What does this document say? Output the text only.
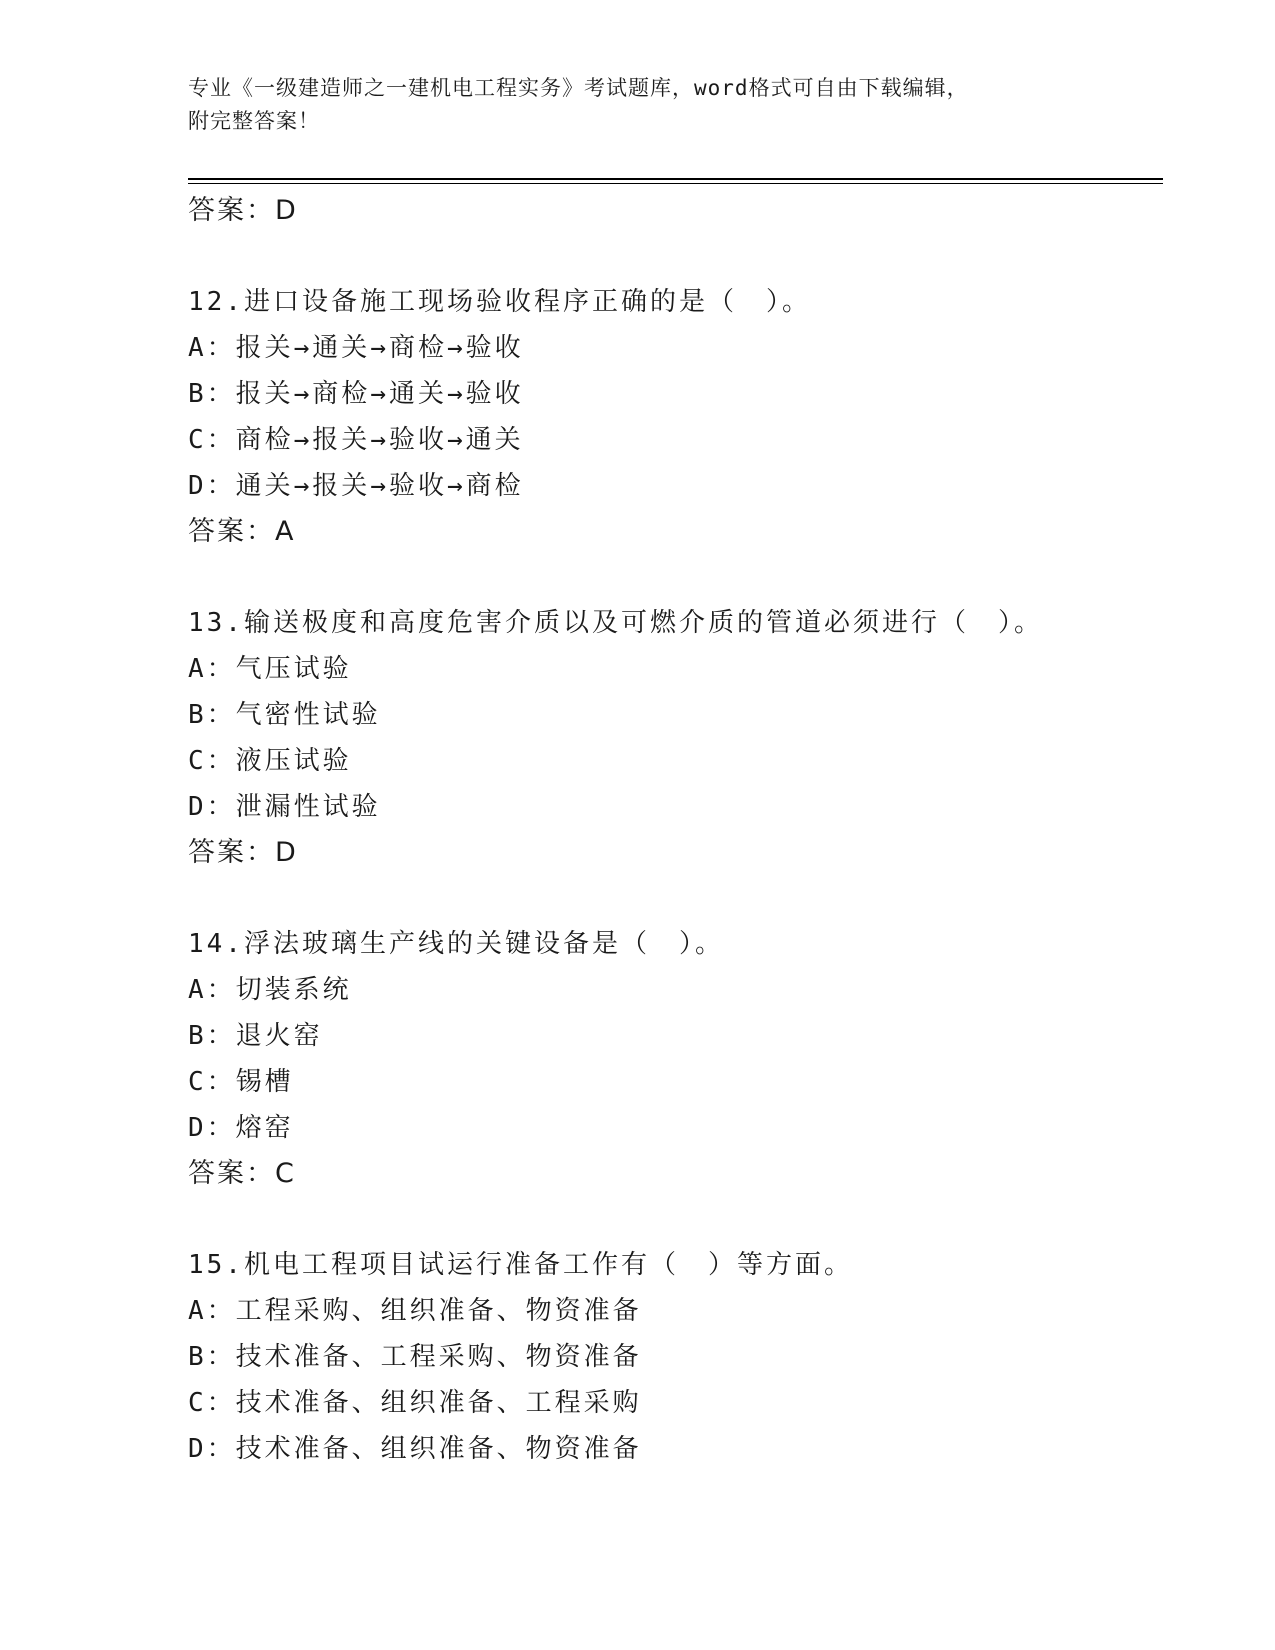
专业《一级建造师之一建机电工程实务》考试题库，word格式可自由下载编辑，
附完整答案！
答案：D
12.进口设备施工现场验收程序正确的是（　）。
A：报关→通关→商检→验收
B：报关→商检→通关→验收
C：商检→报关→验收→通关
D：通关→报关→验收→商检
答案：A
13.输送极度和高度危害介质以及可燃介质的管道必须进行（　）。
A：气压试验
B：气密性试验
C：液压试验
D：泄漏性试验
答案：D
14.浮法玻璃生产线的关键设备是（　）。
A：切装系统
B：退火窑
C：锡槽
D：熔窑
答案：C
15.机电工程项目试运行准备工作有（　）等方面。
A：工程采购、组织准备、物资准备
B：技术准备、工程采购、物资准备
C：技术准备、组织准备、工程采购
D：技术准备、组织准备、物资准备
